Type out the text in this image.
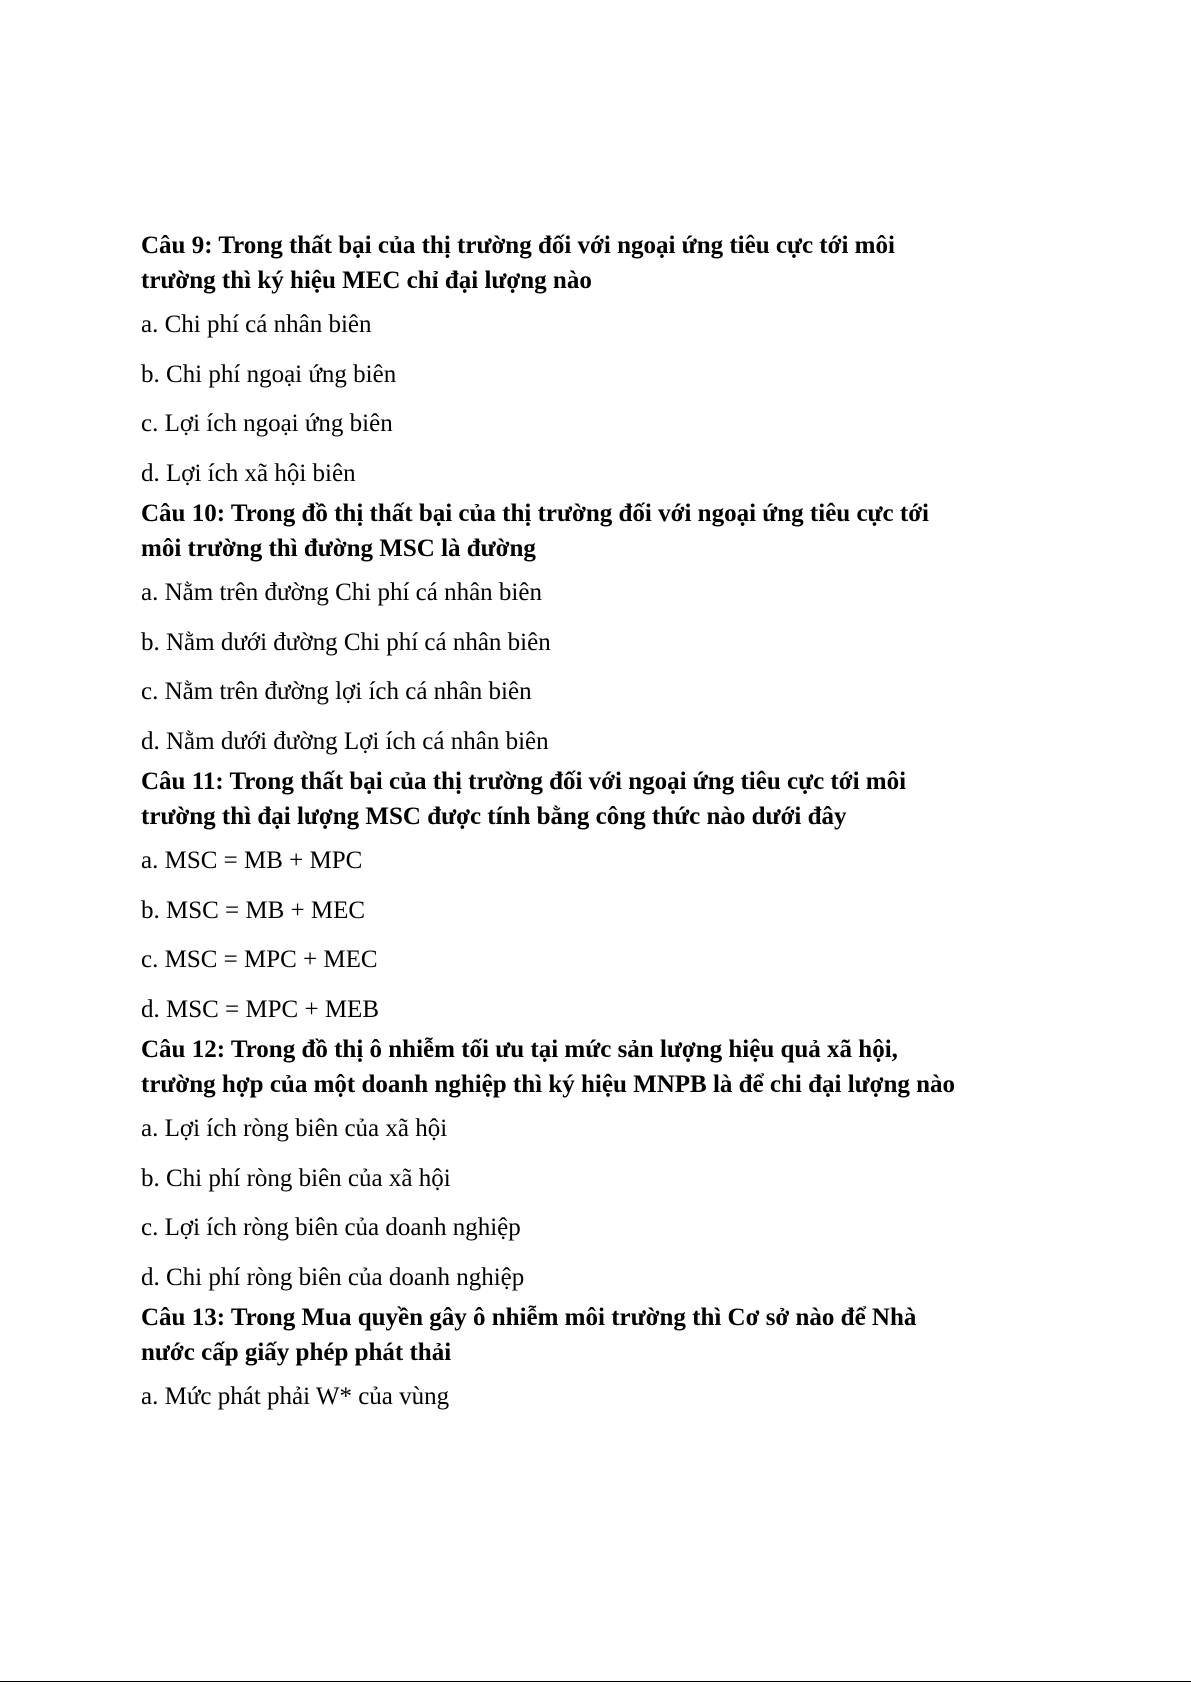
Câu 9: Trong thất bại của thị trường đối với ngoại ứng tiêu cực tới môi
trường thì ký hiệu MEC chỉ đại lượng nào

a. Chi phí cá nhân biên

b. Chi phí ngoại ứng biên

c. Lợi ích ngoại ứng biên

d. Lợi ích xã hội biên

Câu 10: Trong đồ thị thất bại của thị trường đối với ngoại ứng tiêu cực tới
môi trường thì đường MSC là đường

a. Nằm trên đường Chi phí cá nhân biên

b. Nằm dưới đường Chi phí cá nhân biên

c. Nằm trên đường lợi ích cá nhân biên

d. Nằm dưới đường Lợi ích cá nhân biên

Câu 11: Trong thất bại của thị trường đối với ngoại ứng tiêu cực tới môi
trường thì đại lượng MSC được tính bằng công thức nào dưới đây

a. MSC = MB + MPC

b. MSC = MB + MEC

c. MSC = MPC + MEC

d. MSC = MPC + MEB

Câu 12: Trong đồ thị ô nhiễm tối ưu tại mức sản lượng hiệu quả xã hội,
trường hợp của một doanh nghiệp thì ký hiệu MNPB là để chi đại lượng nào

a. Lợi ích ròng biên của xã hội

b. Chi phí ròng biên của xã hội

c. Lợi ích ròng biên của doanh nghiệp

d. Chi phí ròng biên của doanh nghiệp

Câu 13: Trong Mua quyền gây ô nhiễm môi trường thì Cơ sở nào để Nhà
nước cấp giấy phép phát thải

a. Mức phát phải W* của vùng
